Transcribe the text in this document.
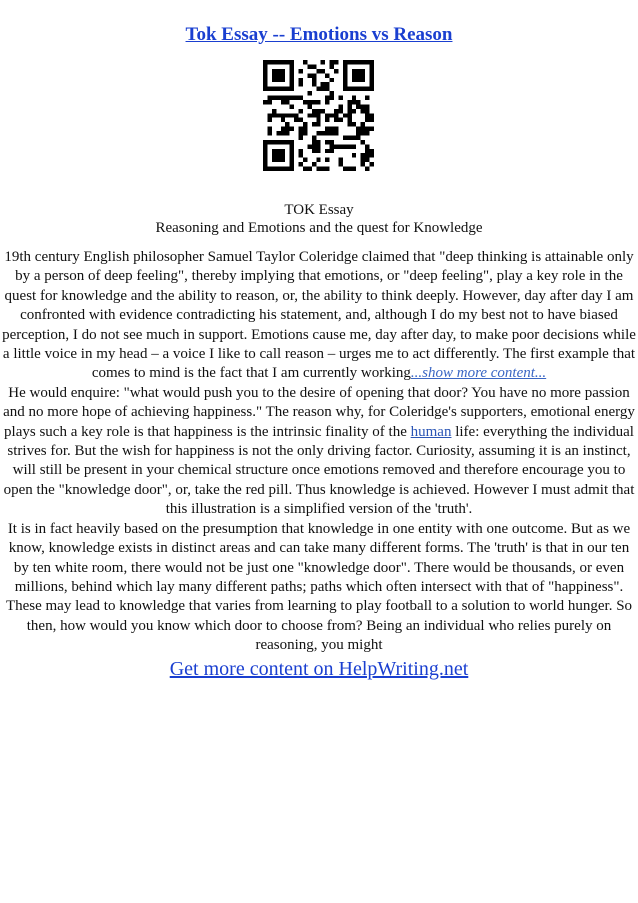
Tok Essay -- Emotions vs Reason
TOK Essay
Reasoning and Emotions and the quest for Knowledge

19th century English philosopher Samuel Taylor Coleridge claimed that "deep thinking is attainable only by a person of deep feeling", thereby implying that emotions, or "deep feeling", play a key role in the quest for knowledge and the ability to reason, or, the ability to think deeply. However, day after day I am confronted with evidence contradicting his statement, and, although I do my best not to have biased perception, I do not see much in support. Emotions cause me, day after day, to make poor decisions while a little voice in my head – a voice I like to call reason – urges me to act differently. The first example that comes to mind is the fact that I am currently working...show more content...

He would enquire: "what would push you to the desire of opening that door? You have no more passion and no more hope of achieving happiness." The reason why, for Coleridge's supporters, emotional energy plays such a key role is that happiness is the intrinsic finality of the human life: everything the individual strives for. But the wish for happiness is not the only driving factor. Curiosity, assuming it is an instinct, will still be present in your chemical structure once emotions removed and therefore encourage you to open the "knowledge door", or, take the red pill. Thus knowledge is achieved. However I must admit that this illustration is a simplified version of the 'truth'.

It is in fact heavily based on the presumption that knowledge in one entity with one outcome. But as we know, knowledge exists in distinct areas and can take many different forms. The 'truth' is that in our ten by ten white room, there would not be just one "knowledge door". There would be thousands, or even millions, behind which lay many different paths; paths which often intersect with that of "happiness". These may lead to knowledge that varies from learning to play football to a solution to world hunger. So then, how would you know which door to choose from? Being an individual who relies purely on reasoning, you might

Get more content on HelpWriting.net
